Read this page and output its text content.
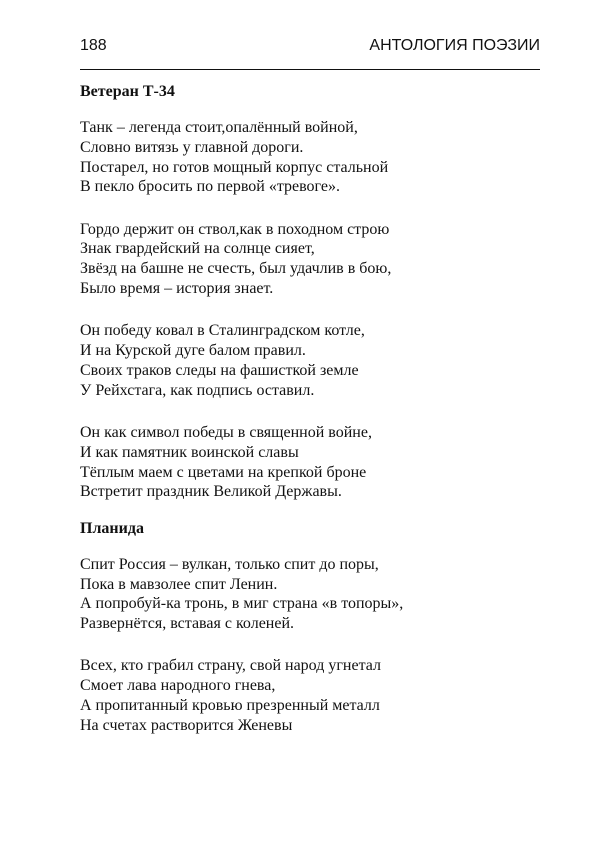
188	АНТОЛОГИЯ ПОЭЗИИ
Ветеран Т-34
Танк – легенда стоит,опалённый войной,
Словно витязь у главной дороги.
Постарел, но готов мощный корпус стальной
В пекло бросить по первой «тревоге».
Гордо держит он ствол,как в походном строю
Знак гвардейский на солнце сияет,
Звёзд на башне не счесть, был удачлив в бою,
Было время – история знает.
Он победу ковал в Сталинградском котле,
И на Курской дуге балом правил.
Своих траков следы на фашисткой земле
У Рейхстага, как подпись оставил.
Он как символ победы в священной войне,
И как памятник воинской славы
Тёплым маем с цветами на крепкой броне
Встретит праздник Великой Державы.
Планида
Спит Россия – вулкан, только спит до поры,
Пока в мавзолее спит Ленин.
А попробуй-ка тронь, в миг страна «в топоры»,
Развернётся, вставая с коленей.
Всех, кто грабил страну, свой народ угнетал
Смоет лава народного гнева,
А пропитанный кровью презренный металл
На счетах растворится Женевы
